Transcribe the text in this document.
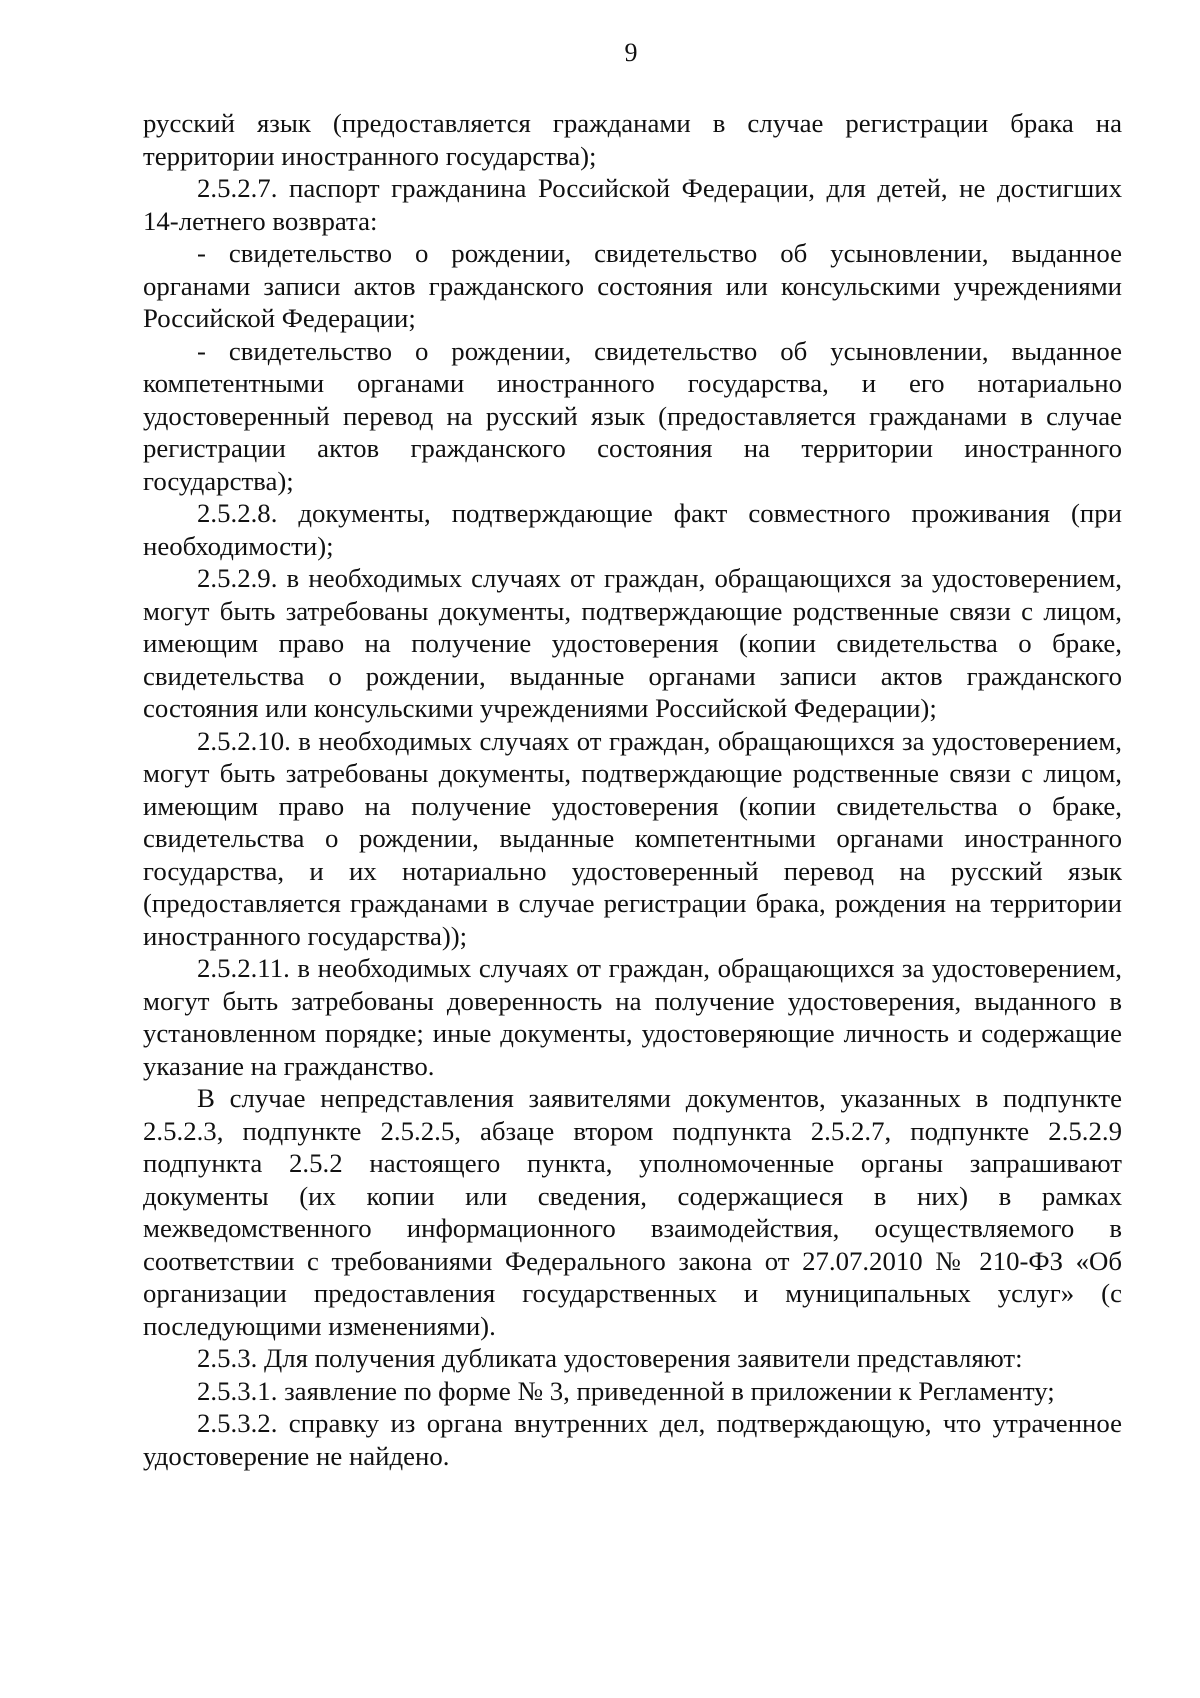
9

русский язык (предоставляется гражданами в случае регистрации брака на территории иностранного государства);

2.5.2.7. паспорт гражданина Российской Федерации, для детей, не достигших 14-летнего возврата:

- свидетельство о рождении, свидетельство об усыновлении, выданное органами записи актов гражданского состояния или консульскими учреждениями Российской Федерации;

- свидетельство о рождении, свидетельство об усыновлении, выданное компетентными органами иностранного государства, и его нотариально удостоверенный перевод на русский язык (предоставляется гражданами в случае регистрации актов гражданского состояния на территории иностранного государства);

2.5.2.8. документы, подтверждающие факт совместного проживания (при необходимости);

2.5.2.9. в необходимых случаях от граждан, обращающихся за удостоверением, могут быть затребованы документы, подтверждающие родственные связи с лицом, имеющим право на получение удостоверения (копии свидетельства о браке, свидетельства о рождении, выданные органами записи актов гражданского состояния или консульскими учреждениями Российской Федерации);

2.5.2.10. в необходимых случаях от граждан, обращающихся за удостоверением, могут быть затребованы документы, подтверждающие родственные связи с лицом, имеющим право на получение удостоверения (копии свидетельства о браке, свидетельства о рождении, выданные компетентными органами иностранного государства, и их нотариально удостоверенный перевод на русский язык (предоставляется гражданами в случае регистрации брака, рождения на территории иностранного государства));

2.5.2.11. в необходимых случаях от граждан, обращающихся за удостоверением, могут быть затребованы доверенность на получение удостоверения, выданного в установленном порядке; иные документы, удостоверяющие личность и содержащие указание на гражданство.

В случае непредставления заявителями документов, указанных в подпункте 2.5.2.3, подпункте 2.5.2.5, абзаце втором подпункта 2.5.2.7, подпункте 2.5.2.9 подпункта 2.5.2 настоящего пункта, уполномоченные органы запрашивают документы (их копии или сведения, содержащиеся в них) в рамках межведомственного информационного взаимодействия, осуществляемого в соответствии с требованиями Федерального закона от 27.07.2010 № 210-ФЗ «Об организации предоставления государственных и муниципальных услуг» (с последующими изменениями).

2.5.3. Для получения дубликата удостоверения заявители представляют:

2.5.3.1. заявление по форме № 3, приведенной в приложении к Регламенту;

2.5.3.2. справку из органа внутренних дел, подтверждающую, что утраченное удостоверение не найдено.
